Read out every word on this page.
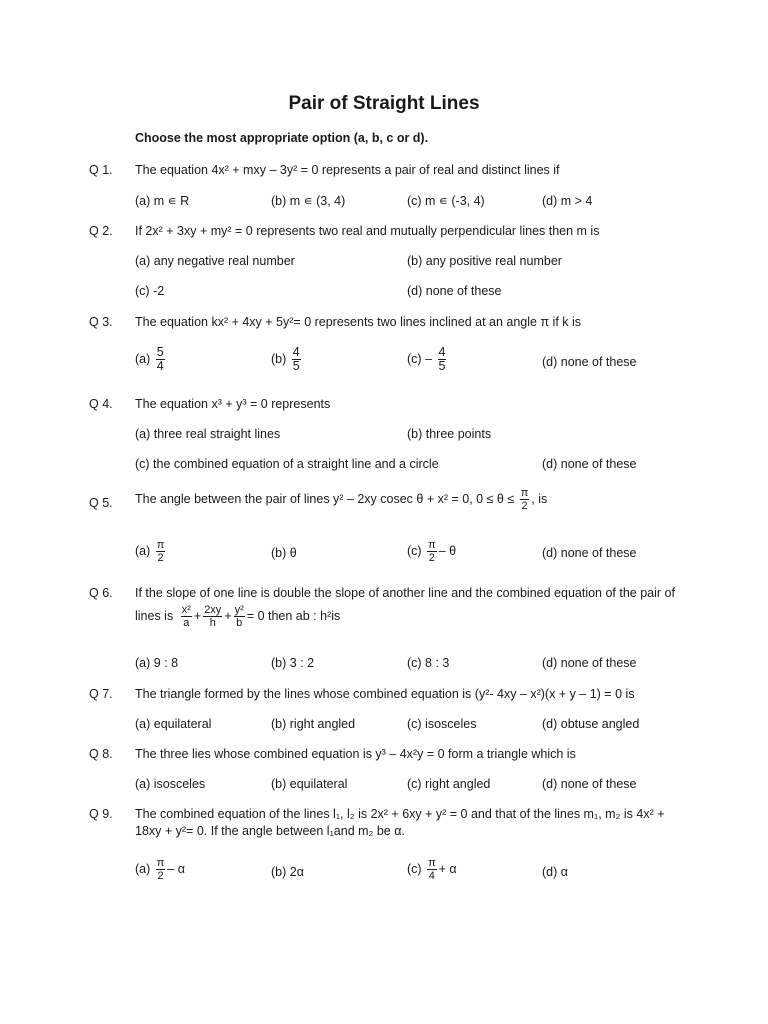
Pair of Straight Lines
Choose the most appropriate option (a, b, c or d).
Q 1. The equation 4x² + mxy – 3y² = 0 represents a pair of real and distinct lines if
(a) m ∊ R	(b) m ∊ (3, 4)	(c) m ∊ (-3, 4)	(d) m > 4
Q 2. If 2x² + 3xy + my² = 0 represents two real and mutually perpendicular lines then m is
(a) any negative real number	(b) any positive real number
(c) -2	(d) none of these
Q 3. The equation kx² + 4xy + 5y²= 0 represents two lines inclined at an angle π if k is
$(a) \frac{5}{4}$	$(b) \frac{4}{5}$	$(c) - \frac{4}{5}$	(d) none of these
Q 4. The equation x³ + y³ = 0 represents
(a) three real straight lines	(b) three points
(c) the combined equation of a straight line and a circle	(d) none of these
Q 5. The angle between the pair of lines y² – 2xy cosec θ + x² = 0, $0 \le \theta \le \frac{\pi}{2}$ , is
$(a) \frac{\pi}{2}$	(b) θ	$(c) \frac{\pi}{2}$ – θ	(d) none of these
Q 6. If the slope of one line is double the slope of another line and the combined equation of the pair of
lines is $\frac{\text{x²}}{a} + \frac{2xy}{h} + \frac{\text{y²}}{b} = 0$ then ab : h²is
(a) 9 : 8	(b) 3 : 2	(c) 8 : 3	(d) none of these
Q 7. The triangle formed by the lines whose combined equation is (y²- 4xy – x²)(x + y – 1) = 0 is
(a) equilateral	(b) right angled	(c) isosceles	(d) obtuse angled
Q 8. The three lies whose combined equation is y³ – 4x²y = 0 form a triangle which is
(a) isosceles	(b) equilateral	(c) right angled	(d) none of these
Q 9. The combined equation of the lines l₁, l₂ is 2x² + 6xy + y² = 0 and that of the lines m₁, m₂ is 4x² +
18xy + y²= 0. If the angle between l₁and m₂ be α.
$(a) \frac{\pi}{2}$ – α	(b) 2α	$(c) \frac{\pi}{4} + \alpha$	(d) α
